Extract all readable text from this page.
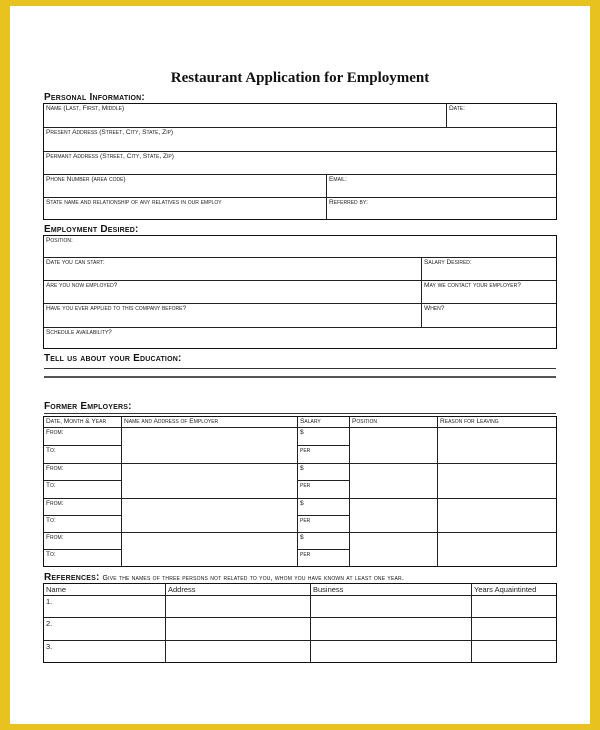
Restaurant Application for Employment
Personal Information:
Name (Last, First, Middle)		Date:
Present Address (Street, City, State, Zip)		
Permant Address (Street, City, State, Zip)		
Phone Number (area code)	Email:	
State name and relationship of any relatives in our employ	Referred by:	
Employment Desired:
Position:	
Date you can start:	Salary Desired:
Are you now employed?	May we contact your employer?
Have you ever applied to this company before?	When?
Schedule availability?	
Tell us about your Education:
Former Employers:
Date, Month & Year	Name and Address of Employer	Salary	Position	Reason for Leaving
From:		$		
To:		per		
From:		$		
To:		per		
From:		$		
To:		per		
From:		$		
To:		per		
References: Give the names of three persons not related to you, whom you have known at least one year.
Name	Address	Business	Years Aquaintinted
1.			
2.			
3.			
